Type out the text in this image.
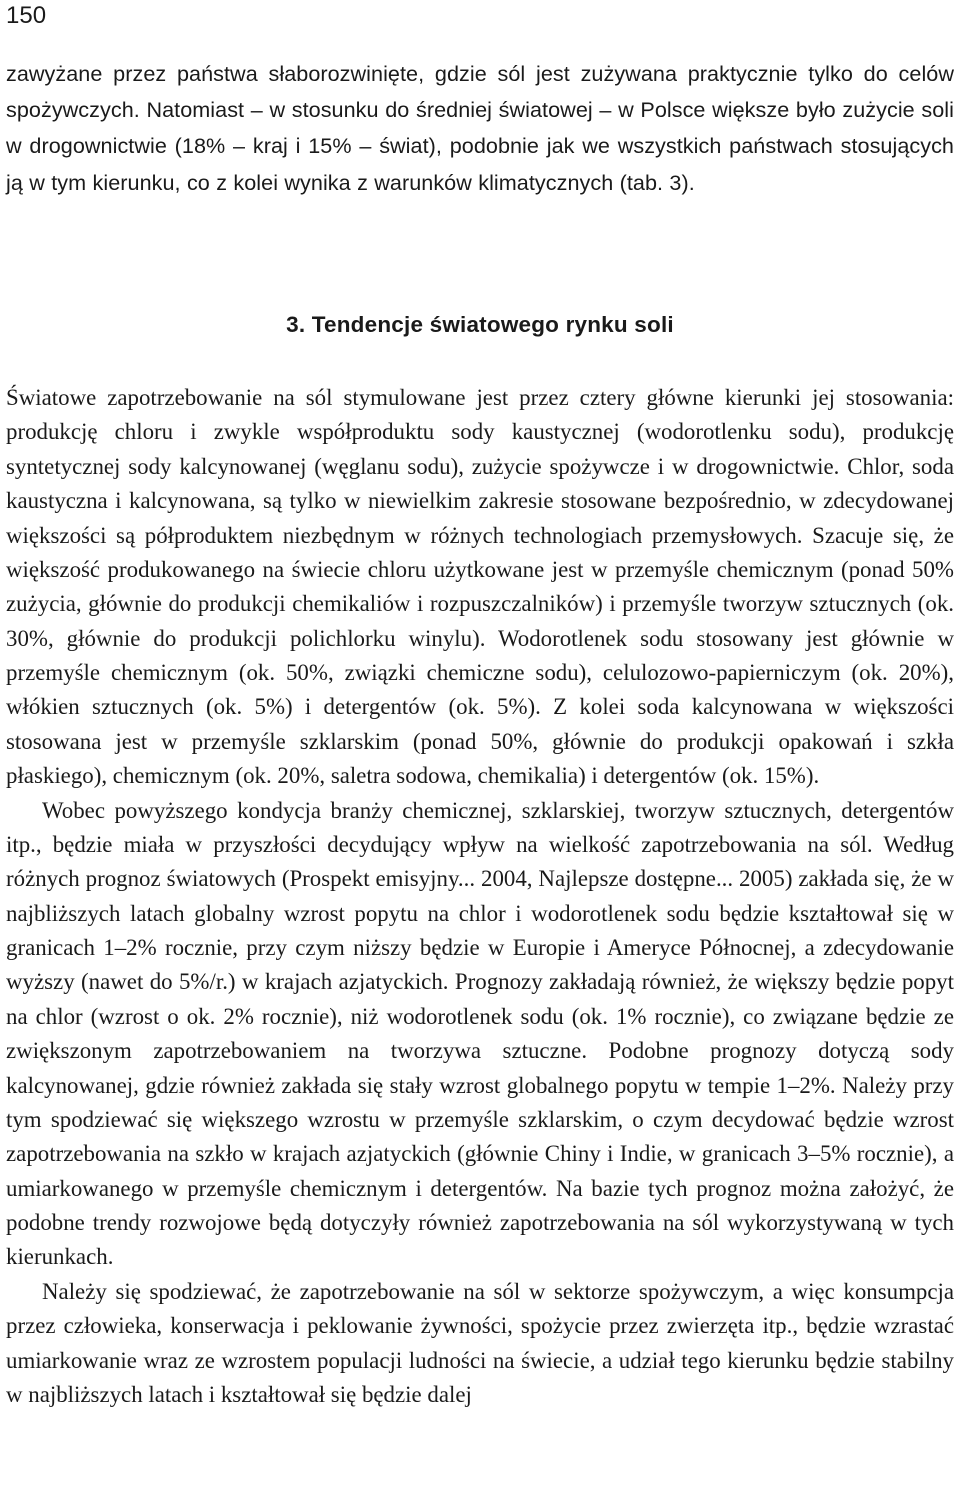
150

zawyżane przez państwa słaborozwinięte, gdzie sól jest zużywana praktycznie tylko do celów spożywczych. Natomiast – w stosunku do średniej światowej – w Polsce większe było zużycie soli w drogownictwie (18% – kraj i 15% – świat), podobnie jak we wszystkich państwach stosujących ją w tym kierunku, co z kolei wynika z warunków klimatycznych (tab. 3).

3. Tendencje światowego rynku soli

Światowe zapotrzebowanie na sól stymulowane jest przez cztery główne kierunki jej stosowania: produkcję chloru i zwykle współproduktu sody kaustycznej (wodorotlenku sodu), produkcję syntetycznej sody kalcynowanej (węglanu sodu), zużycie spożywcze i w drogownictwie. Chlor, soda kaustyczna i kalcynowana, są tylko w niewielkim zakresie stosowane bezpośrednio, w zdecydowanej większości są półproduktem niezbędnym w różnych technologiach przemysłowych. Szacuje się, że większość produkowanego na świecie chloru użytkowane jest w przemyśle chemicznym (ponad 50% zużycia, głównie do produkcji chemikaliów i rozpuszczalników) i przemyśle tworzyw sztucznych (ok. 30%, głównie do produkcji polichlorku winylu). Wodorotlenek sodu stosowany jest głównie w przemyśle chemicznym (ok. 50%, związki chemiczne sodu), celulozowo-papierniczym (ok. 20%), włókien sztucznych (ok. 5%) i detergentów (ok. 5%). Z kolei soda kalcynowana w większości stosowana jest w przemyśle szklarskim (ponad 50%, głównie do produkcji opakowań i szkła płaskiego), chemicznym (ok. 20%, saletra sodowa, chemikalia) i detergentów (ok. 15%).

Wobec powyższego kondycja branży chemicznej, szklarskiej, tworzyw sztucznych, detergentów itp., będzie miała w przyszłości decydujący wpływ na wielkość zapotrzebowania na sól. Według różnych prognoz światowych (Prospekt emisyjny... 2004, Najlepsze dostępne... 2005) zakłada się, że w najbliższych latach globalny wzrost popytu na chlor i wodorotlenek sodu będzie kształtował się w granicach 1–2% rocznie, przy czym niższy będzie w Europie i Ameryce Północnej, a zdecydowanie wyższy (nawet do 5%/r.) w krajach azjatyckich. Prognozy zakładają również, że większy będzie popyt na chlor (wzrost o ok. 2% rocznie), niż wodorotlenek sodu (ok. 1% rocznie), co związane będzie ze zwiększonym zapotrzebowaniem na tworzywa sztuczne. Podobne prognozy dotyczą sody kalcynowanej, gdzie również zakłada się stały wzrost globalnego popytu w tempie 1–2%. Należy przy tym spodziewać się większego wzrostu w przemyśle szklarskim, o czym decydować będzie wzrost zapotrzebowania na szkło w krajach azjatyckich (głównie Chiny i Indie, w granicach 3–5% rocznie), a umiarkowanego w przemyśle chemicznym i detergentów. Na bazie tych prognoz można założyć, że podobne trendy rozwojowe będą dotyczyły również zapotrzebowania na sól wykorzystywaną w tych kierunkach.

Należy się spodziewać, że zapotrzebowanie na sól w sektorze spożywczym, a więc konsumpcja przez człowieka, konserwacja i peklowanie żywności, spożycie przez zwierzęta itp., będzie wzrastać umiarkowanie wraz ze wzrostem populacji ludności na świecie, a udział tego kierunku będzie stabilny w najbliższych latach i kształtował się będzie dalej
